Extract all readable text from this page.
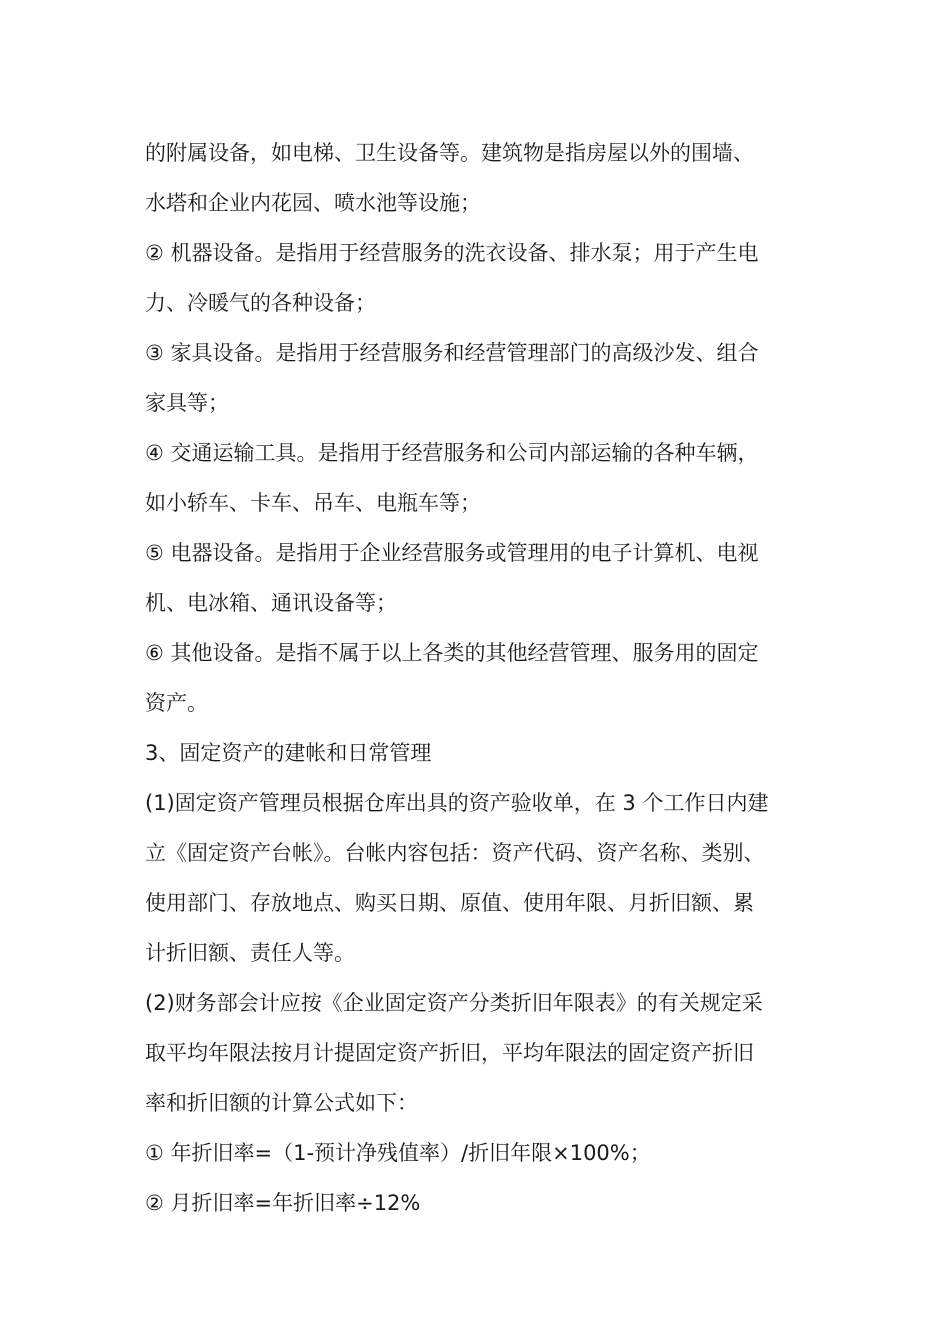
的附属设备，如电梯、卫生设备等。建筑物是指房屋以外的围墙、
水塔和企业内花园、喷水池等设施；
② 机器设备。是指用于经营服务的洗衣设备、排水泵；用于产生电
力、冷暖气的各种设备；
③ 家具设备。是指用于经营服务和经营管理部门的高级沙发、组合
家具等；
④ 交通运输工具。是指用于经营服务和公司内部运输的各种车辆，
如小轿车、卡车、吊车、电瓶车等；
⑤ 电器设备。是指用于企业经营服务或管理用的电子计算机、电视
机、电冰箱、通讯设备等；
⑥ 其他设备。是指不属于以上各类的其他经营管理、服务用的固定
资产。
3、固定资产的建帐和日常管理
(1)固定资产管理员根据仓库出具的资产验收单，在 3 个工作日内建
立《固定资产台帐》。台帐内容包括：资产代码、资产名称、类别、
使用部门、存放地点、购买日期、原值、使用年限、月折旧额、累
计折旧额、责任人等。
(2)财务部会计应按《企业固定资产分类折旧年限表》的有关规定采
取平均年限法按月计提固定资产折旧，平均年限法的固定资产折旧
率和折旧额的计算公式如下：
① 年折旧率=（1-预计净残值率）/折旧年限×100%；
② 月折旧率=年折旧率÷12%
